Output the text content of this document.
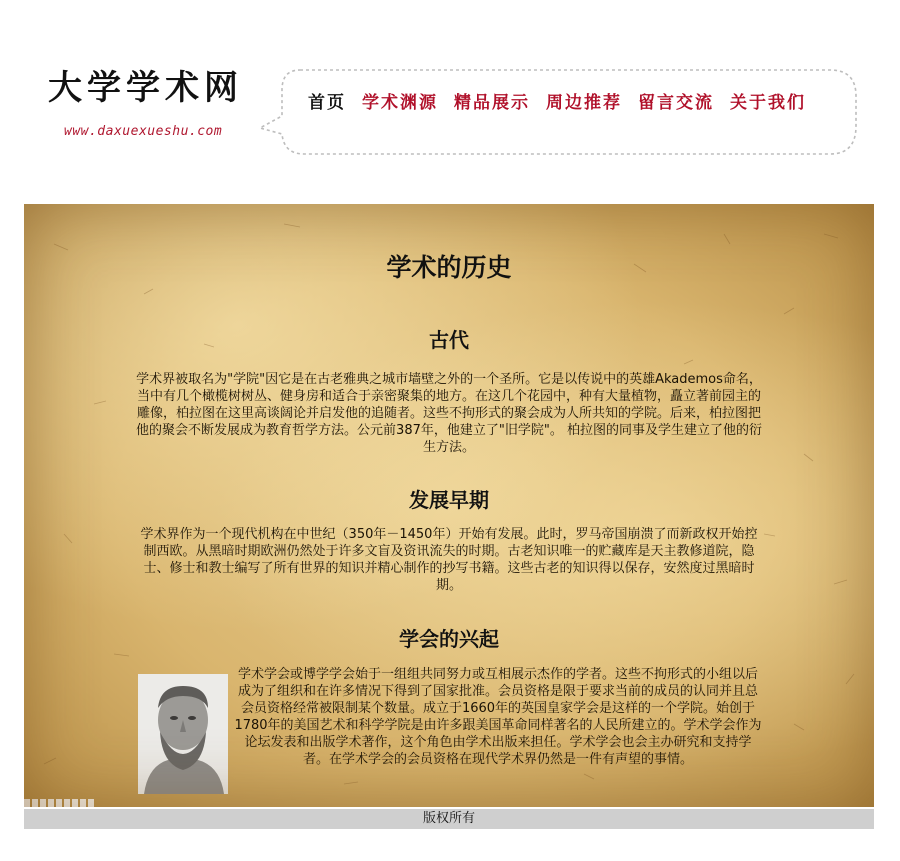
大学学术网
www.daxuexueshu.com
首页 学术渊源 精品展示 周边推荐 留言交流 关于我们
学术的历史
古代

学术界被取名为"学院"因它是在古老雅典之城市墙壁之外的一个圣所。它是以传说中的英雄Akademos命名，当中有几个橄榄树树丛、健身房和适合于亲密聚集的地方。在这几个花园中，种有大量植物，矗立著前园主的雕像，柏拉图在这里高谈阔论并启发他的追随者。这些不拘形式的聚会成为人所共知的学院。后来，柏拉图把他的聚会不断发展成为教育哲学方法。公元前387年，他建立了"旧学院"。 柏拉图的同事及学生建立了他的衍生方法。

发展早期

学术界作为一个现代机构在中世纪（350年－1450年）开始有发展。此时，罗马帝国崩溃了而新政权开始控制西欧。从黑暗时期欧洲仍然处于许多文盲及资讯流失的时期。古老知识唯一的贮藏库是天主教修道院，隐士、修士和教士编写了所有世界的知识并精心制作的抄写书籍。这些古老的知识得以保存，安然度过黑暗时期。

学会的兴起

学术学会或博学学会始于一组组共同努力或互相展示杰作的学者。这些不拘形式的小组以后成为了组织和在许多情况下得到了国家批准。会员资格是限于要求当前的成员的认同并且总会员资格经常被限制某个数量。成立于1660年的英国皇家学会是这样的一个学院。始创于1780年的美国艺术和科学学院是由许多跟美国革命同样著名的人民所建立的。学术学会作为论坛发表和出版学术著作，这个角色由学术出版来担任。学术学会也会主办研究和支持学者。在学术学会的会员资格在现代学术界仍然是一件有声望的事情。

版权所有
